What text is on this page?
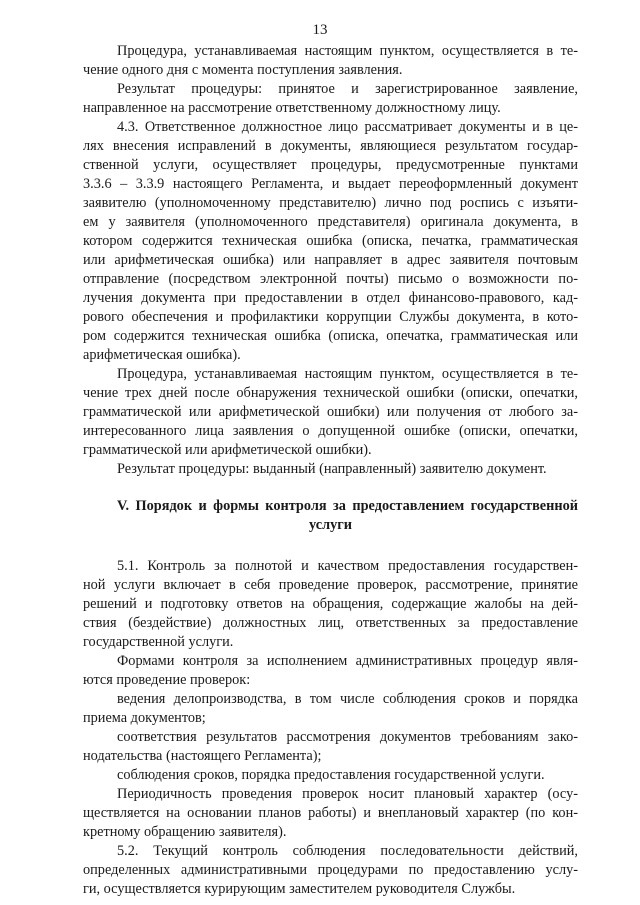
13
Процедура, устанавливаемая настоящим пунктом, осуществляется в те-
чение одного дня с момента поступления заявления.
Результат процедуры: принятое и зарегистрированное заявление,
направленное на рассмотрение ответственному должностному лицу.
4.3. Ответственное должностное лицо рассматривает документы и в це-
лях внесения исправлений в документы, являющиеся результатом государ-
ственной услуги, осуществляет процедуры, предусмотренные пунктами
3.3.6 – 3.3.9 настоящего Регламента, и выдает переоформленный документ
заявителю (уполномоченному представителю) лично под роспись с изъяти-
ем у заявителя (уполномоченного представителя) оригинала документа, в
котором содержится техническая ошибка (описка, печатка, грамматическая
или арифметическая ошибка) или направляет в адрес заявителя почтовым
отправление (посредством электронной почты) письмо о возможности по-
лучения документа при предоставлении в отдел финансово-правового, кад-
рового обеспечения и профилактики коррупции Службы документа, в кото-
ром содержится техническая ошибка (описка, опечатка, грамматическая или
арифметическая ошибка).
Процедура, устанавливаемая настоящим пунктом, осуществляется в те-
чение трех дней после обнаружения технической ошибки (описки, опечатки,
грамматической или арифметической ошибки) или получения от любого за-
интересованного лица заявления о допущенной ошибке (описки, опечатки,
грамматической или арифметической ошибки).
Результат процедуры: выданный (направленный) заявителю документ.
V. Порядок и формы контроля за предоставлением государственной
услуги
5.1. Контроль за полнотой и качеством предоставления государствен-
ной услуги включает в себя проведение проверок, рассмотрение, принятие
решений и подготовку ответов на обращения, содержащие жалобы на дей-
ствия (бездействие) должностных лиц, ответственных за предоставление
государственной услуги.
Формами контроля за исполнением административных процедур явля-
ются проведение проверок:
ведения делопроизводства, в том числе соблюдения сроков и порядка
приема документов;
соответствия результатов рассмотрения документов требованиям зако-
нодательства (настоящего Регламента);
соблюдения сроков, порядка предоставления государственной услуги.
Периодичность проведения проверок носит плановый характер (осу-
ществляется на основании планов работы) и внеплановый характер (по кон-
кретному обращению заявителя).
5.2. Текущий контроль соблюдения последовательности действий,
определенных административными процедурами по предоставлению услу-
ги, осуществляется курирующим заместителем руководителя Службы.
